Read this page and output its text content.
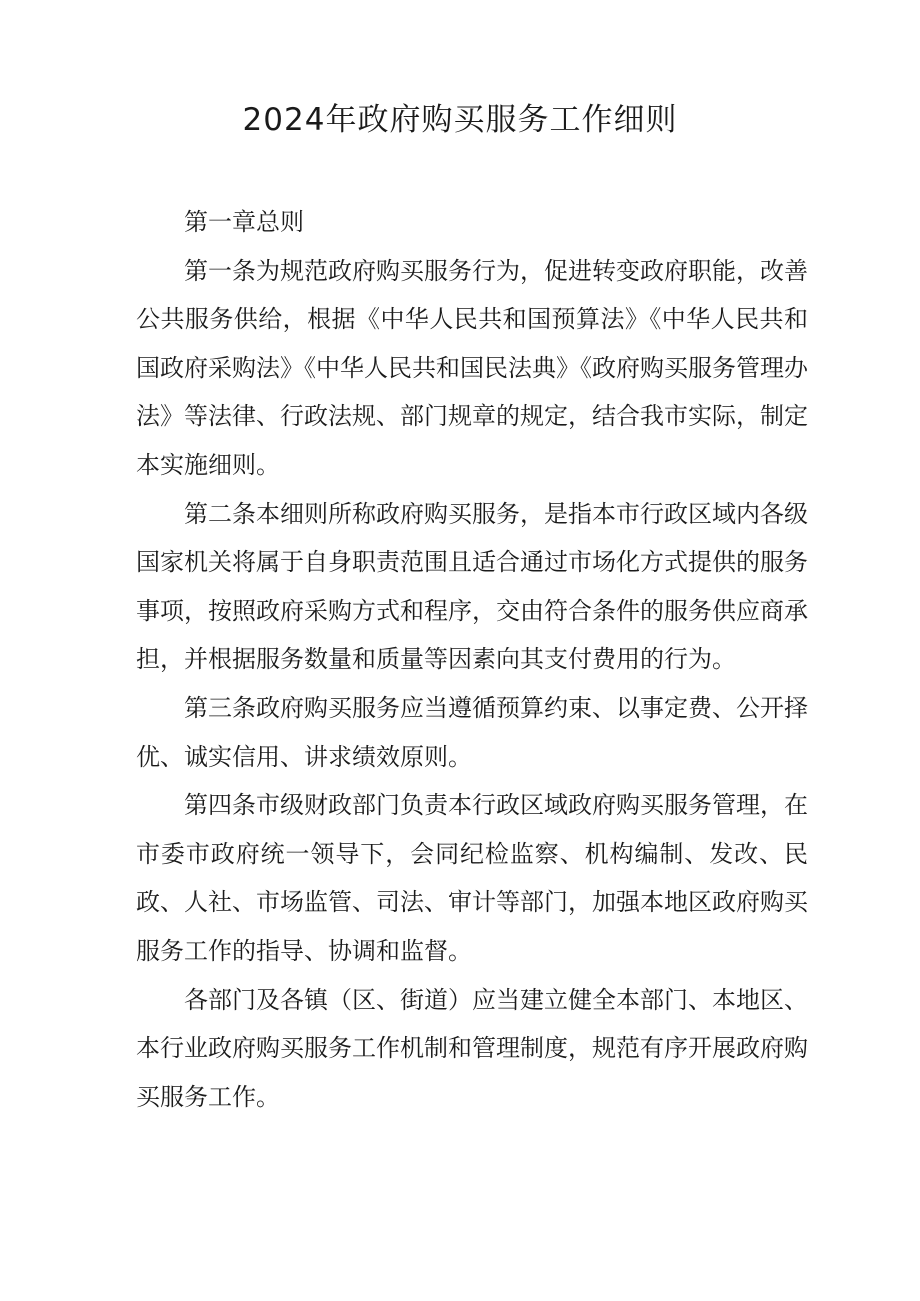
2024年政府购买服务工作细则

第一章总则

第一条为规范政府购买服务行为，促进转变政府职能，改善公共服务供给，根据《中华人民共和国预算法》《中华人民共和国政府采购法》《中华人民共和国民法典》《政府购买服务管理办法》等法律、行政法规、部门规章的规定，结合我市实际，制定本实施细则。

第二条本细则所称政府购买服务，是指本市行政区域内各级国家机关将属于自身职责范围且适合通过市场化方式提供的服务事项，按照政府采购方式和程序，交由符合条件的服务供应商承担，并根据服务数量和质量等因素向其支付费用的行为。

第三条政府购买服务应当遵循预算约束、以事定费、公开择优、诚实信用、讲求绩效原则。

第四条市级财政部门负责本行政区域政府购买服务管理，在市委市政府统一领导下，会同纪检监察、机构编制、发改、民政、人社、市场监管、司法、审计等部门，加强本地区政府购买服务工作的指导、协调和监督。

各部门及各镇（区、街道）应当建立健全本部门、本地区、本行业政府购买服务工作机制和管理制度，规范有序开展政府购买服务工作。
